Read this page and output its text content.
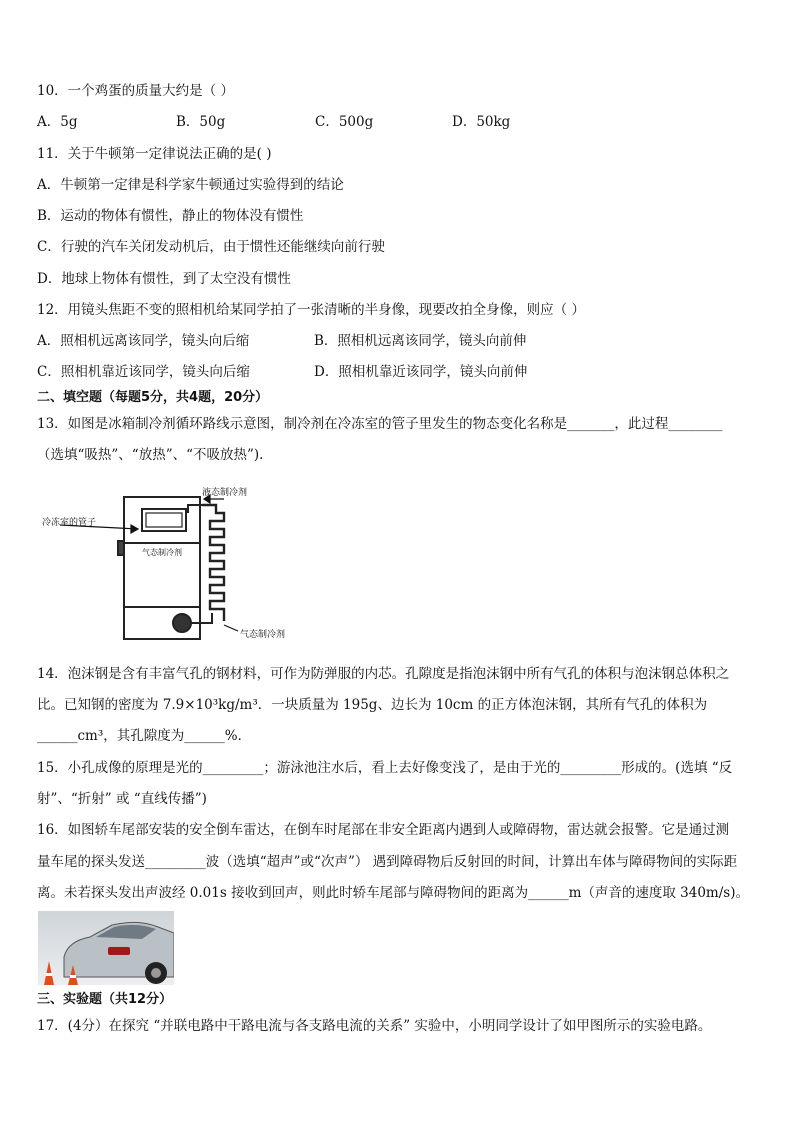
10．一个鸡蛋的质量大约是（ ）
A．5g	B．50g	C．500g	D．50kg
11．关于牛顿第一定律说法正确的是( )
A．牛顿第一定律是科学家牛顿通过实验得到的结论
B．运动的物体有惯性，静止的物体没有惯性
C．行驶的汽车关闭发动机后，由于惯性还能继续向前行驶
D．地球上物体有惯性，到了太空没有惯性
12．用镜头焦距不变的照相机给某同学拍了一张清晰的半身像，现要改拍全身像，则应（ ）
A．照相机远离该同学，镜头向后缩	B．照相机远离该同学，镜头向前伸
C．照相机靠近该同学，镜头向后缩	D．照相机靠近该同学，镜头向前伸
二、填空题（每题5分，共4题，20分）
13．如图是冰箱制冷剂循环路线示意图，制冷剂在冷冻室的管子里发生的物态变化名称是_______，此过程________
（选填“吸热”、“放热”、“不吸放热”).
液态制冷剂
冷冻室的管子
气态制冷剂
气态制冷剂
14．泡沫钢是含有丰富气孔的钢材料，可作为防弹服的内芯。孔隙度是指泡沫钢中所有气孔的体积与泡沫钢总体积之
比。已知钢的密度为 7.9×10³kg/m³．一块质量为 195g、边长为 10cm 的正方体泡沫钢，其所有气孔的体积为
______cm³，其孔隙度为______%．
15．小孔成像的原理是光的_________；游泳池注水后，看上去好像变浅了，是由于光的_________形成的。(选填 “反
射”、“折射” 或 “直线传播”)
16．如图轿车尾部安装的安全倒车雷达，在倒车时尾部在非安全距离内遇到人或障碍物，雷达就会报警。它是通过测
量车尾的探头发送_________波（选填“超声”或“次声”） 遇到障碍物后反射回的时间，计算出车体与障碍物间的实际距
离。未若探头发出声波经 0.01s 接收到回声，则此时轿车尾部与障碍物间的距离为______m（声音的速度取 340m/s)。
三、实验题（共12分）
17．(4分）在探究 “并联电路中干路电流与各支路电流的关系” 实验中，小明同学设计了如甲图所示的实验电路。
